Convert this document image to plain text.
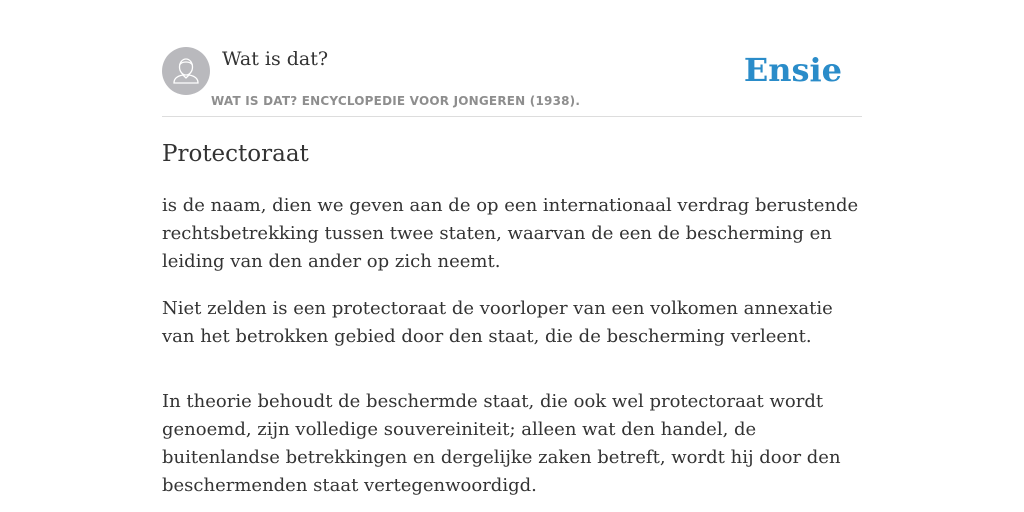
Wat is dat?
WAT IS DAT? ENCYCLOPEDIE VOOR JONGEREN (1938).
Ensie
Protectoraat

is de naam, dien we geven aan de op een internationaal verdrag berustende rechtsbetrekking tussen twee staten, waarvan de een de bescherming en leiding van den ander op zich neemt.

Niet zelden is een protectoraat de voorloper van een volkomen annexatie van het betrokken gebied door den staat, die de bescherming verleent.

In theorie behoudt de beschermde staat, die ook wel protectoraat wordt genoemd, zijn volledige souvereiniteit; alleen wat den handel, de buitenlandse betrekkingen en dergelijke zaken betreft, wordt hij door den beschermenden staat vertegenwoordigd.
